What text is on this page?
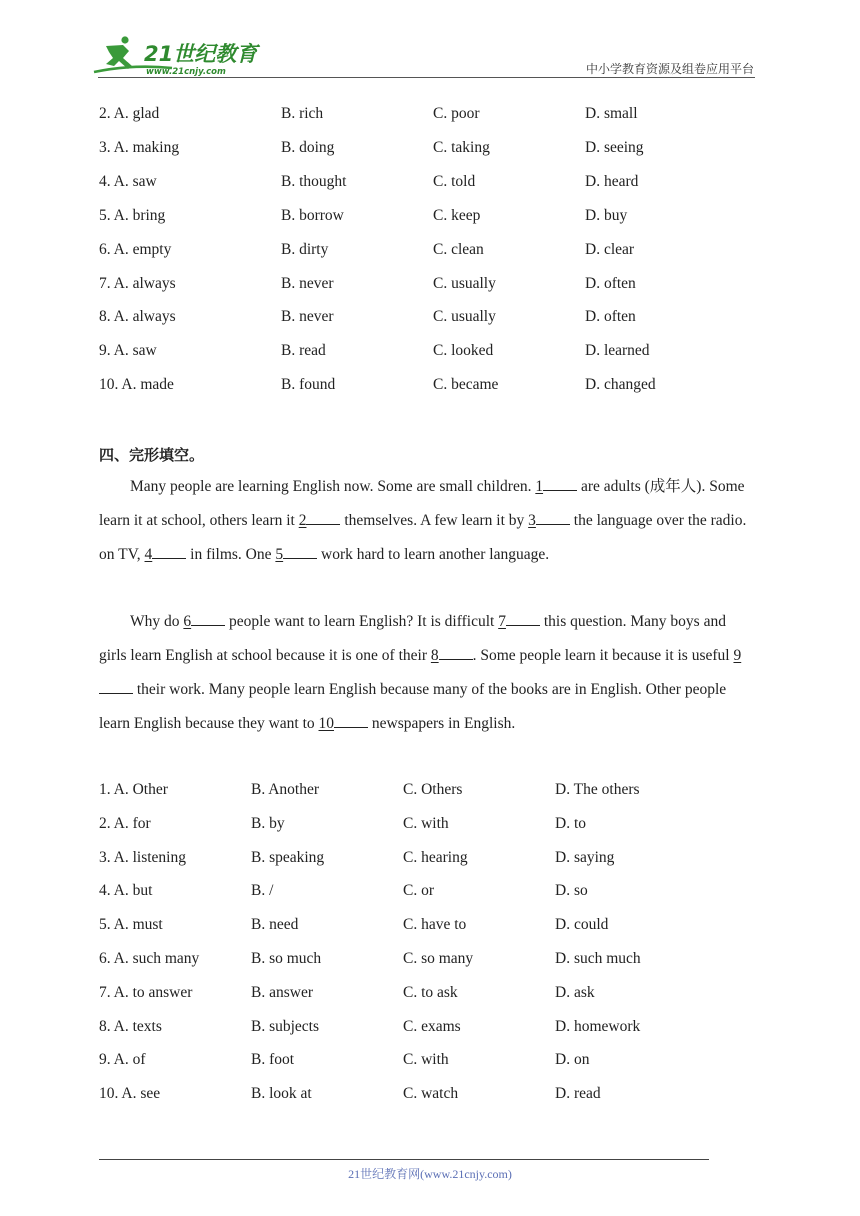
21世纪教育
www.21cnjy.com	中小学教育资源及组卷应用平台
2. A. glad	B. rich	C. poor	D. small
3. A. making	B. doing	C. taking	D. seeing
4. A. saw	B. thought	C. told	D. heard
5. A. bring	B. borrow	C. keep	D. buy
6. A. empty	B. dirty	C. clean	D. clear
7. A. always	B. never	C. usually	D. often
8. A. always	B. never	C. usually	D. often
9. A. saw	B. read	C. looked	D. learned
10. A. made	B. found	C. became	D. changed
四、完形填空。
Many people are learning English now. Some are small children. 1 are adults (成年人). Some learn it at school, others learn it 2 themselves. A few learn it by 3 the language over the radio. on TV, 4 in films. One 5 work hard to learn another language.
Why do 6 people want to learn English? It is difficult 7 this question. Many boys and girls learn English at school because it is one of their 8 . Some people learn it because it is useful 9 their work. Many people learn English because many of the books are in English. Other people learn English because they want to 10 newspapers in English.
1. A. Other	B. Another	C. Others	D. The others
2. A. for	B. by	C. with	D. to
3. A. listening	B. speaking	C. hearing	D. saying
4. A. but	B. /	C. or	D. so
5. A. must	B. need	C. have to	D. could
6. A. such many	B. so much	C. so many	D. such much
7. A. to answer	B. answer	C. to ask	D. ask
8. A. texts	B. subjects	C. exams	D. homework
9. A. of	B. foot	C. with	D. on
10. A. see	B. look at	C. watch	D. read
21世纪教育网(www.21cnjy.com)
